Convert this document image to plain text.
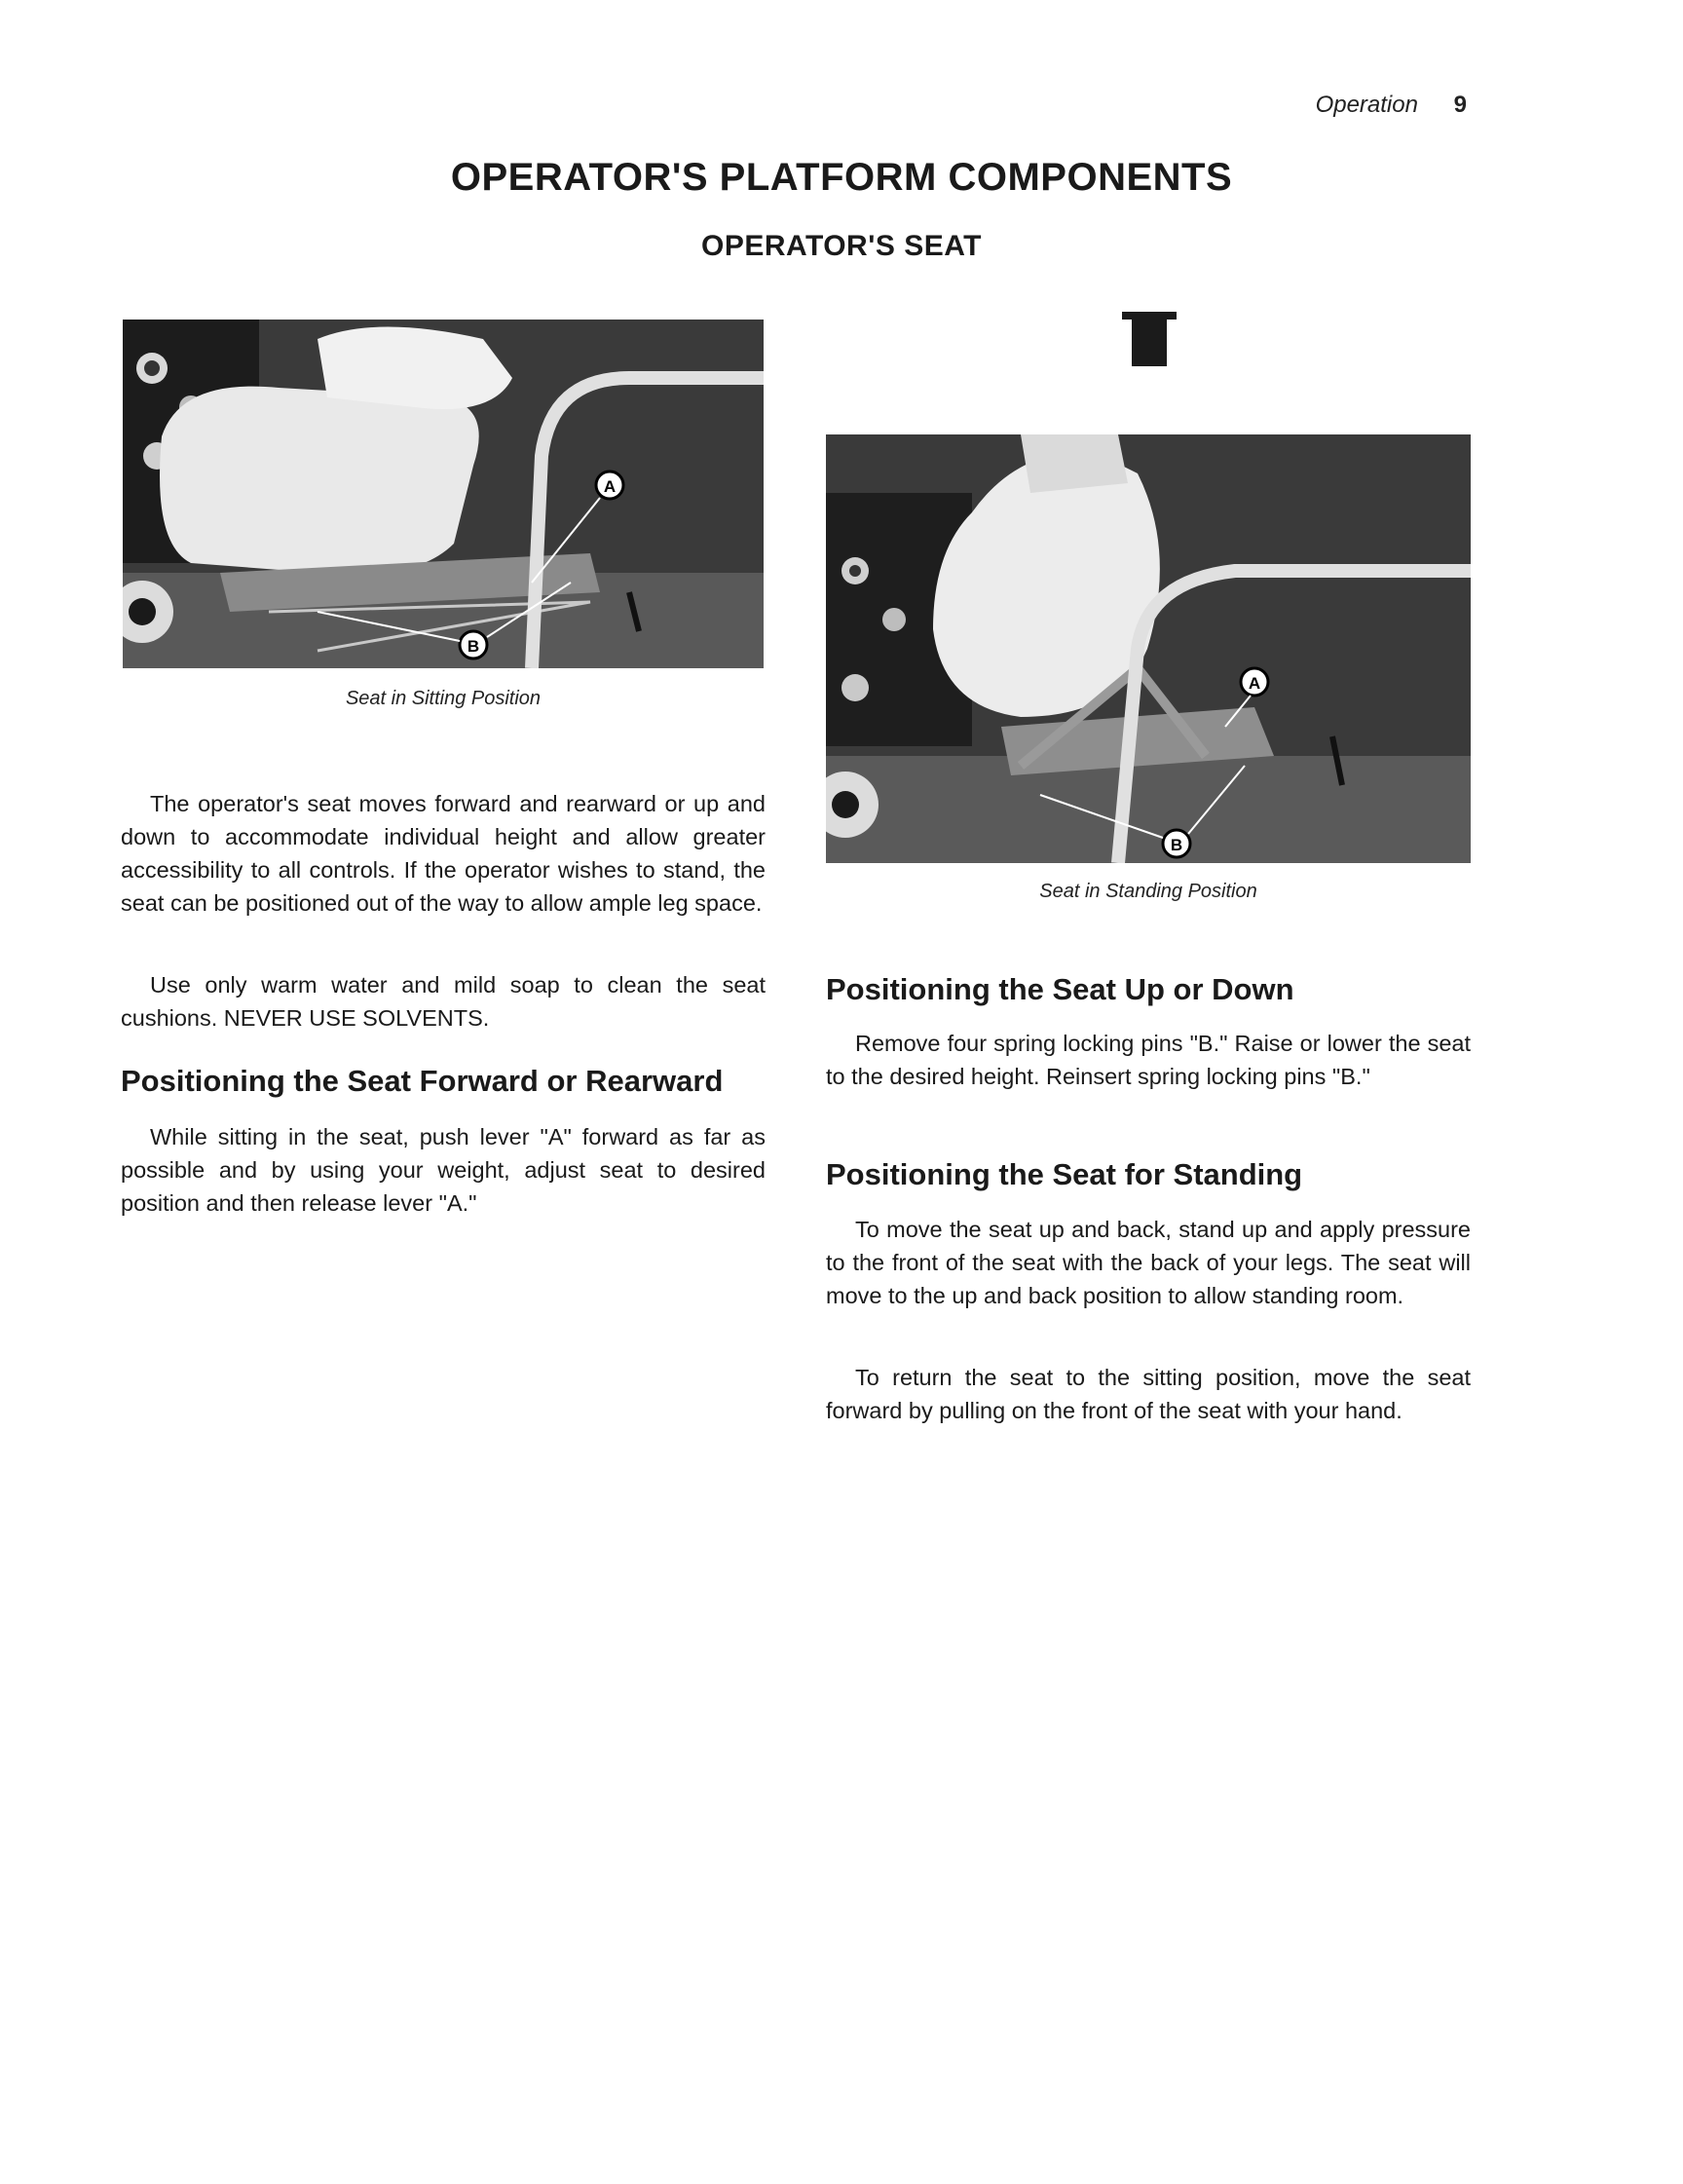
Operation 9
OPERATOR'S PLATFORM COMPONENTS
OPERATOR'S SEAT
A
B
Seat in Sitting Position
A
B
Seat in Standing Position

The operator's seat moves forward and rearward or up and down to accommodate individual height and allow greater accessibility to all controls. If the operator wishes to stand, the seat can be positioned out of the way to allow ample leg space.

Use only warm water and mild soap to clean the seat cushions. NEVER USE SOLVENTS.

Positioning the Seat Forward or Rearward

While sitting in the seat, push lever "A" forward as far as possible and by using your weight, adjust seat to desired position and then release lever "A."

Positioning the Seat Up or Down

Remove four spring locking pins "B." Raise or lower the seat to the desired height. Reinsert spring locking pins "B."

Positioning the Seat for Standing

To move the seat up and back, stand up and apply pressure to the front of the seat with the back of your legs. The seat will move to the up and back position to allow standing room.

To return the seat to the sitting position, move the seat forward by pulling on the front of the seat with your hand.
